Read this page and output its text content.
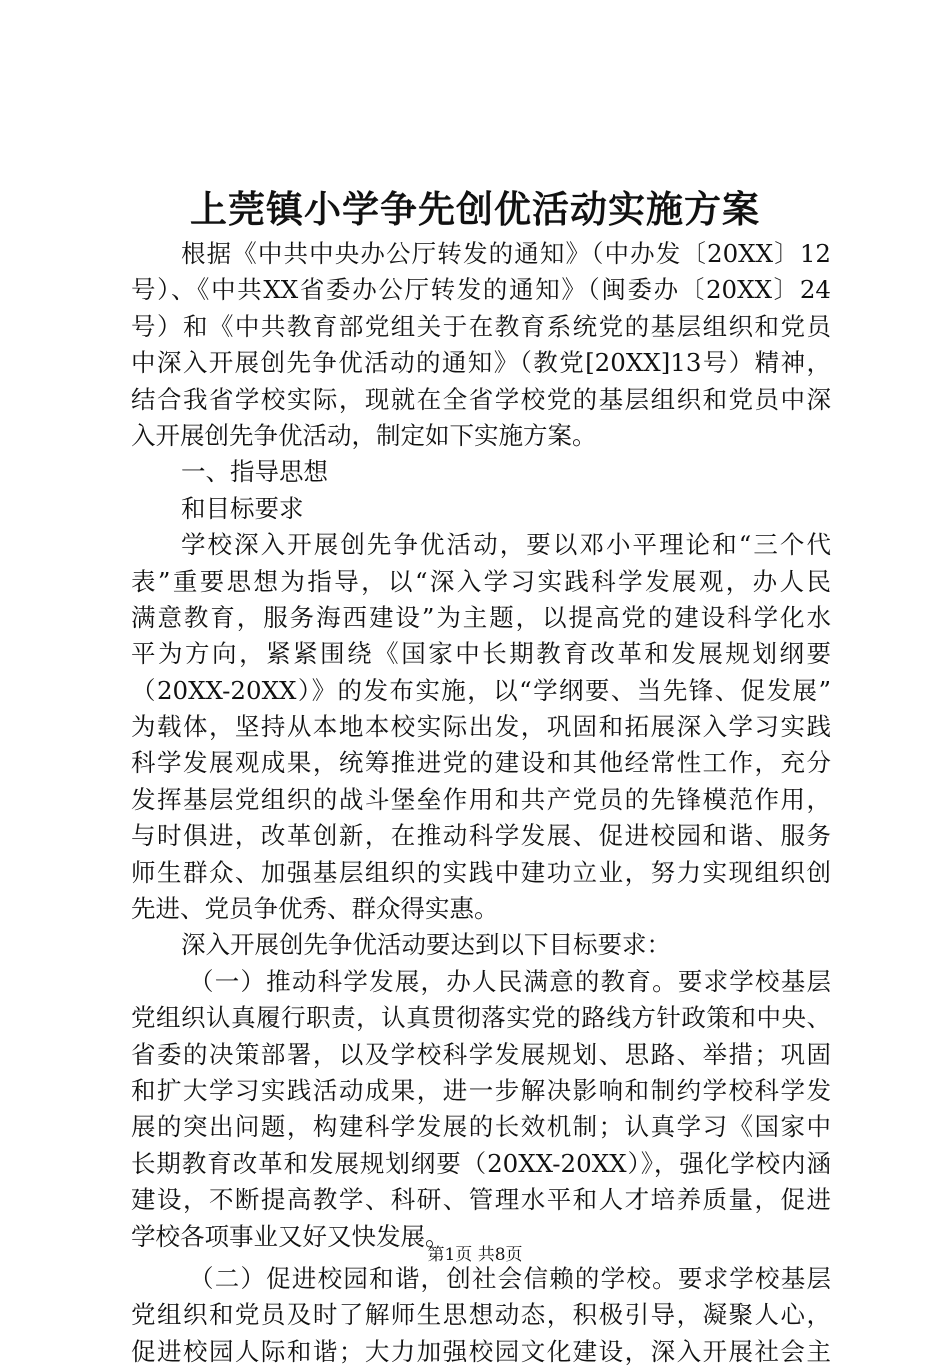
上莞镇小学争先创优活动实施方案
根据《中共中央办公厅转发的通知》（中办发〔20XX〕12
号）、《中共XX省委办公厅转发的通知》（闽委办〔20XX〕24
号）和《中共教育部党组关于在教育系统党的基层组织和党员
中深入开展创先争优活动的通知》（教党[20XX]13号）精神，
结合我省学校实际，现就在全省学校党的基层组织和党员中深
入开展创先争优活动，制定如下实施方案。
一、指导思想
和目标要求
学校深入开展创先争优活动，要以邓小平理论和“三个代
表”重要思想为指导，以“深入学习实践科学发展观，办人民
满意教育，服务海西建设”为主题，以提高党的建设科学化水
平为方向，紧紧围绕《国家中长期教育改革和发展规划纲要
（20XX-20XX）》的发布实施，以“学纲要、当先锋、促发展”
为载体，坚持从本地本校实际出发，巩固和拓展深入学习实践
科学发展观成果，统筹推进党的建设和其他经常性工作，充分
发挥基层党组织的战斗堡垒作用和共产党员的先锋模范作用，
与时俱进，改革创新，在推动科学发展、促进校园和谐、服务
师生群众、加强基层组织的实践中建功立业，努力实现组织创
先进、党员争优秀、群众得实惠。
深入开展创先争优活动要达到以下目标要求：
（一）推动科学发展，办人民满意的教育。要求学校基层
党组织认真履行职责，认真贯彻落实党的路线方针政策和中央、
省委的决策部署，以及学校科学发展规划、思路、举措；巩固
和扩大学习实践活动成果，进一步解决影响和制约学校科学发
展的突出问题，构建科学发展的长效机制；认真学习《国家中
长期教育改革和发展规划纲要（20XX-20XX）》，强化学校内涵
建设，不断提高教学、科研、管理水平和人才培养质量，促进
学校各项事业又好又快发展。
（二）促进校园和谐，创社会信赖的学校。要求学校基层
党组织和党员及时了解师生思想动态，积极引导，凝聚人心，
促进校园人际和谐；大力加强校园文化建设，深入开展社会主
第1页 共8页
